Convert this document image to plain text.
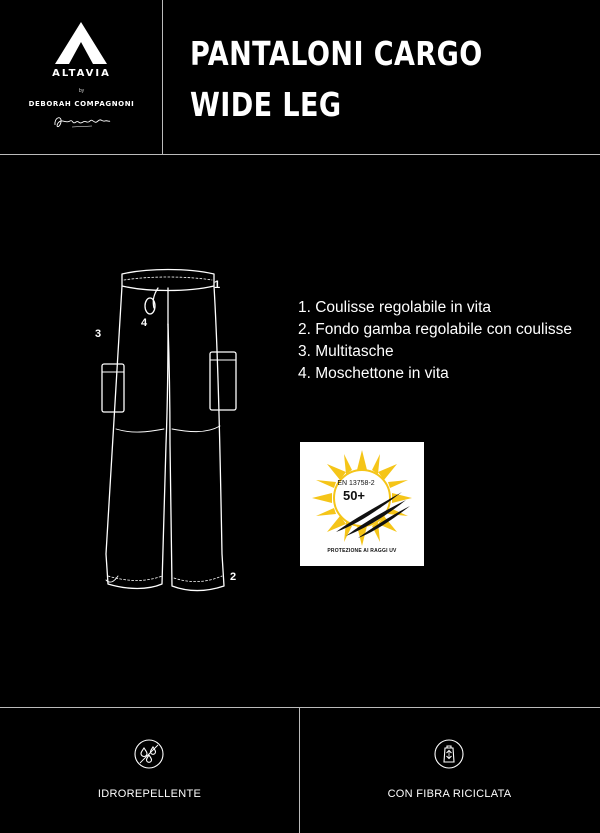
ALTAVIA
by
DEBORAH COMPAGNONI
PANTALONI CARGO
WIDE LEG
1
2
3
4
1. Coulisse regolabile in vita
2. Fondo gamba regolabile con coulisse
3. Multitasche
4. Moschettone in vita
EN 13758-2
50+
PROTEZIONE AI RAGGI UV
IDROREPELLENTE	CON FIBRA RICICLATA
